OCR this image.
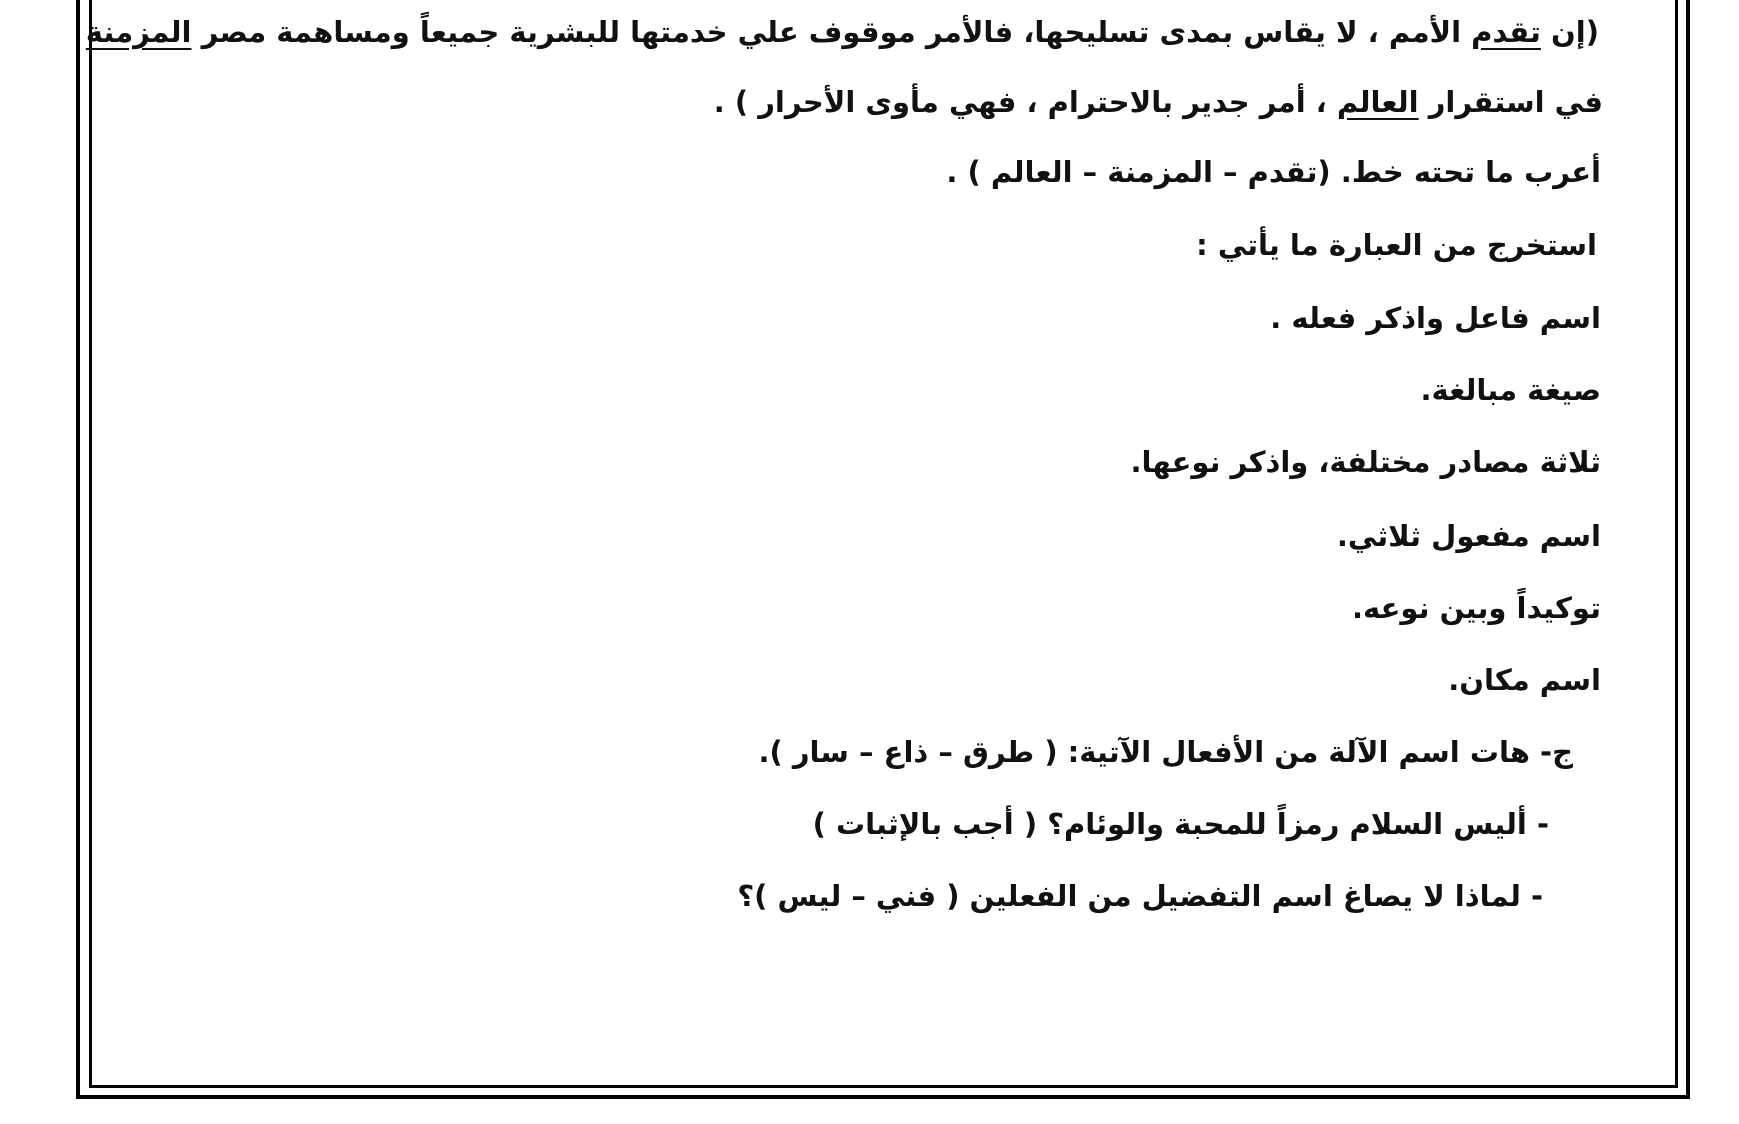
(إن تقدم الأمم ، لا يقاس بمدى تسليحها، فالأمر موقوف علي خدمتها للبشرية جميعاً ومساهمة مصر المزمنة
في استقرار العالم ، أمر جدير بالاحترام ، فهي مأوى الأحرار ) .
أعرب ما تحته خط. (تقدم – المزمنة – العالم ) .
استخرج من العبارة ما يأتي :
اسم فاعل واذكر فعله .
صيغة مبالغة.
ثلاثة مصادر مختلفة، واذكر نوعها.
اسم مفعول ثلاثي.
توكيداً وبين نوعه.
اسم مكان.
ج- هات اسم الآلة من الأفعال الآتية: ( طرق – ذاع – سار ).
- أليس السلام رمزاً للمحبة والوئام؟ ( أجب بالإثبات )
- لماذا لا يصاغ اسم التفضيل من الفعلين ( فني – ليس )؟
